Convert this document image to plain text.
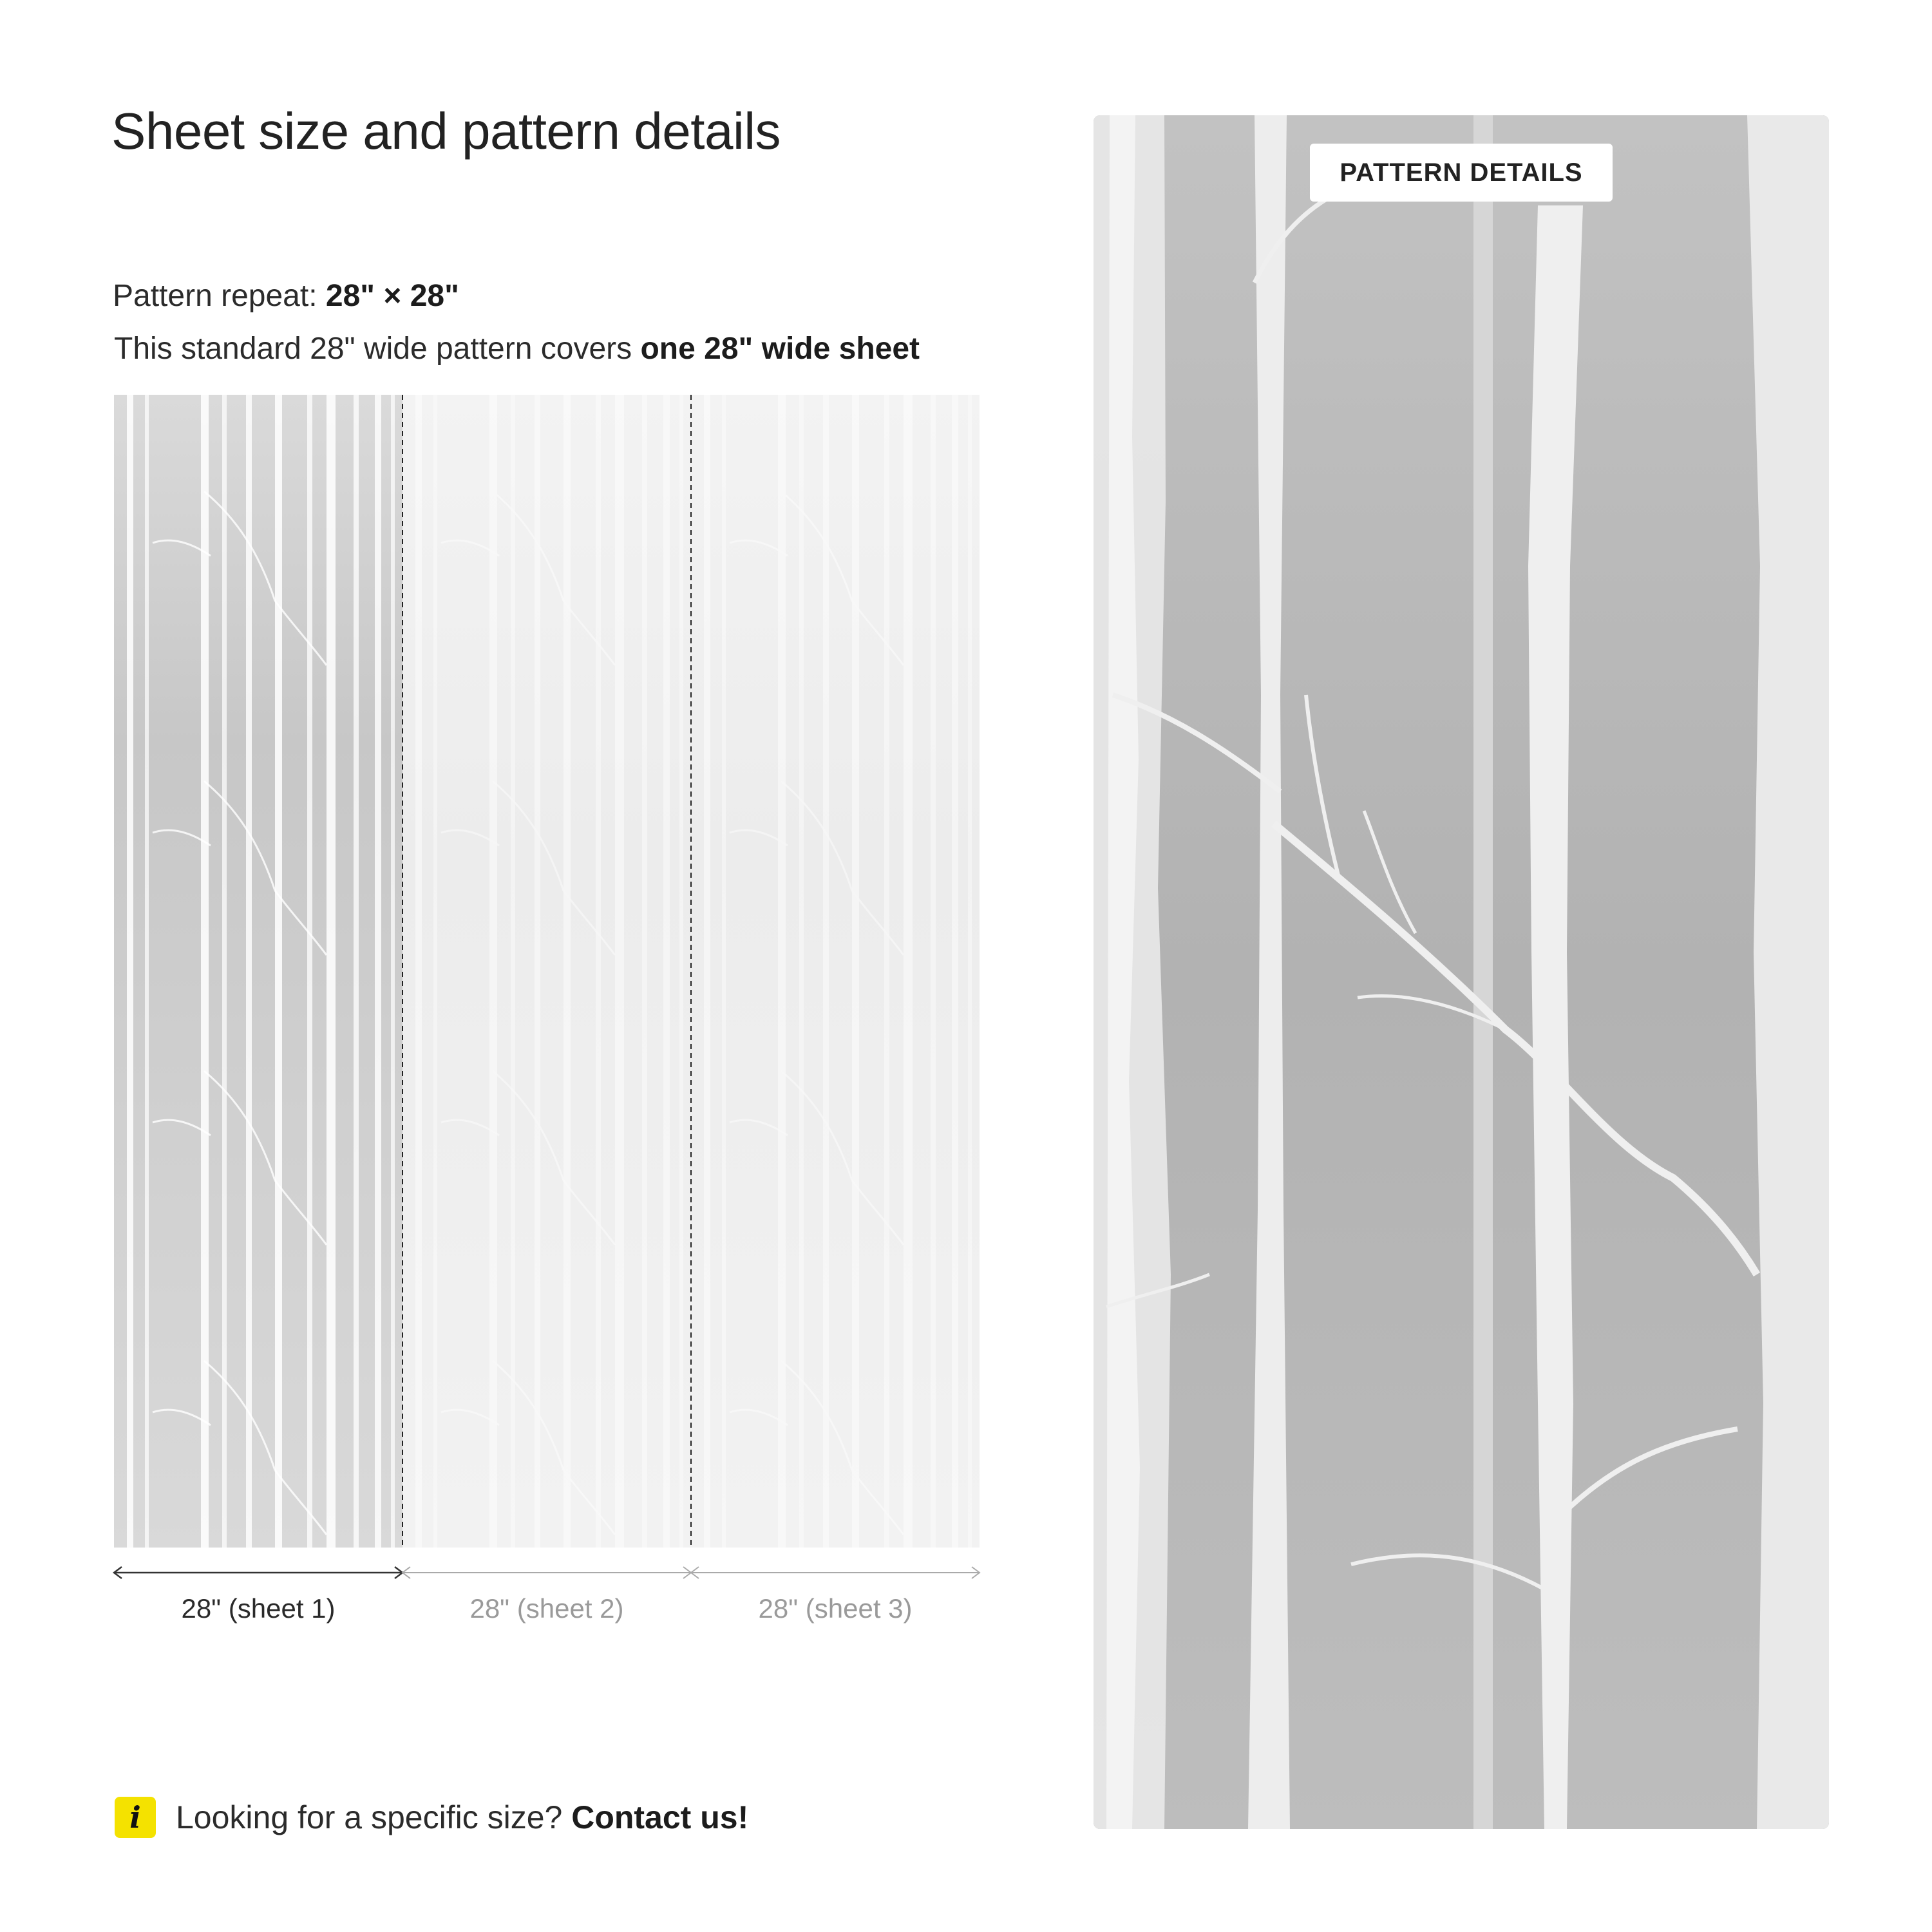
Sheet size and pattern details
Pattern repeat: 28" × 28"
This standard 28" wide pattern covers one 28" wide sheet
28" (sheet 1)	28" (sheet 2)	28" (sheet 3)
i	Looking for a specific size? Contact us!
PATTERN DETAILS
